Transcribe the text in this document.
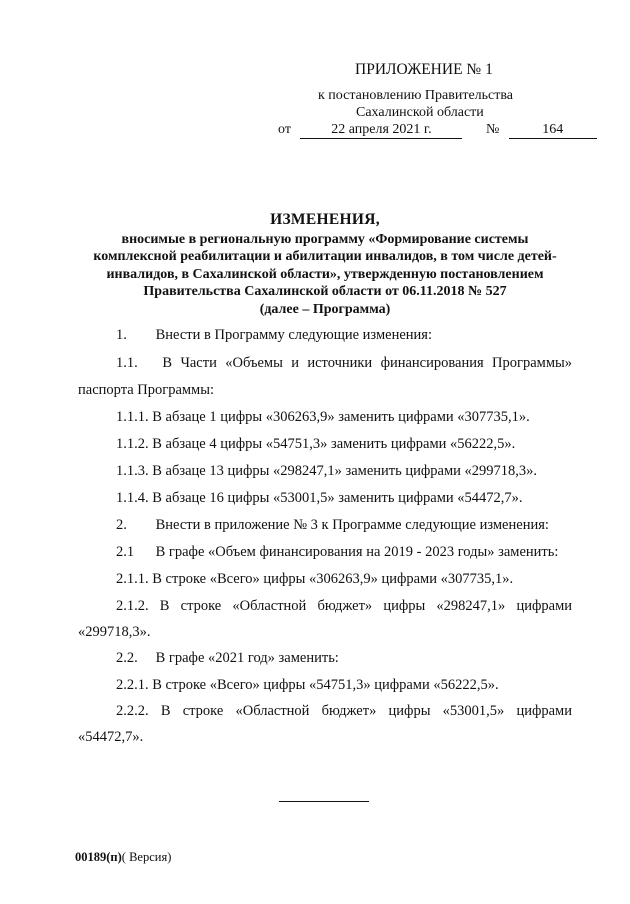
ПРИЛОЖЕНИЕ № 1
к постановлению Правительства
Сахалинской области
от	22 апреля 2021 г.	№	164
ИЗМЕНЕНИЯ,
вносимые в региональную программу «Формирование системы
комплексной реабилитации и абилитации инвалидов, в том числе детей-
инвалидов, в Сахалинской области», утвержденную постановлением
Правительства Сахалинской области от 06.11.2018 № 527
(далее – Программа)
1. Внести в Программу следующие изменения:
1.1. В Части «Объемы и источники финансирования Программы»
паспорта Программы:
1.1.1. В абзаце 1 цифры «306263,9» заменить цифрами «307735,1».
1.1.2. В абзаце 4 цифры «54751,3» заменить цифрами «56222,5».
1.1.3. В абзаце 13 цифры «298247,1» заменить цифрами «299718,3».
1.1.4. В абзаце 16 цифры «53001,5» заменить цифрами «54472,7».
2. Внести в приложение № 3 к Программе следующие изменения:
2.1 В графе «Объем финансирования на 2019 - 2023 годы» заменить:
2.1.1. В строке «Всего» цифры «306263,9» цифрами «307735,1».
2.1.2. В строке «Областной бюджет» цифры «298247,1» цифрами
«299718,3».
2.2. В графе «2021 год» заменить:
2.2.1. В строке «Всего» цифры «54751,3» цифрами «56222,5».
2.2.2. В строке «Областной бюджет» цифры «53001,5» цифрами
«54472,7».
00189(п)( Версия)
